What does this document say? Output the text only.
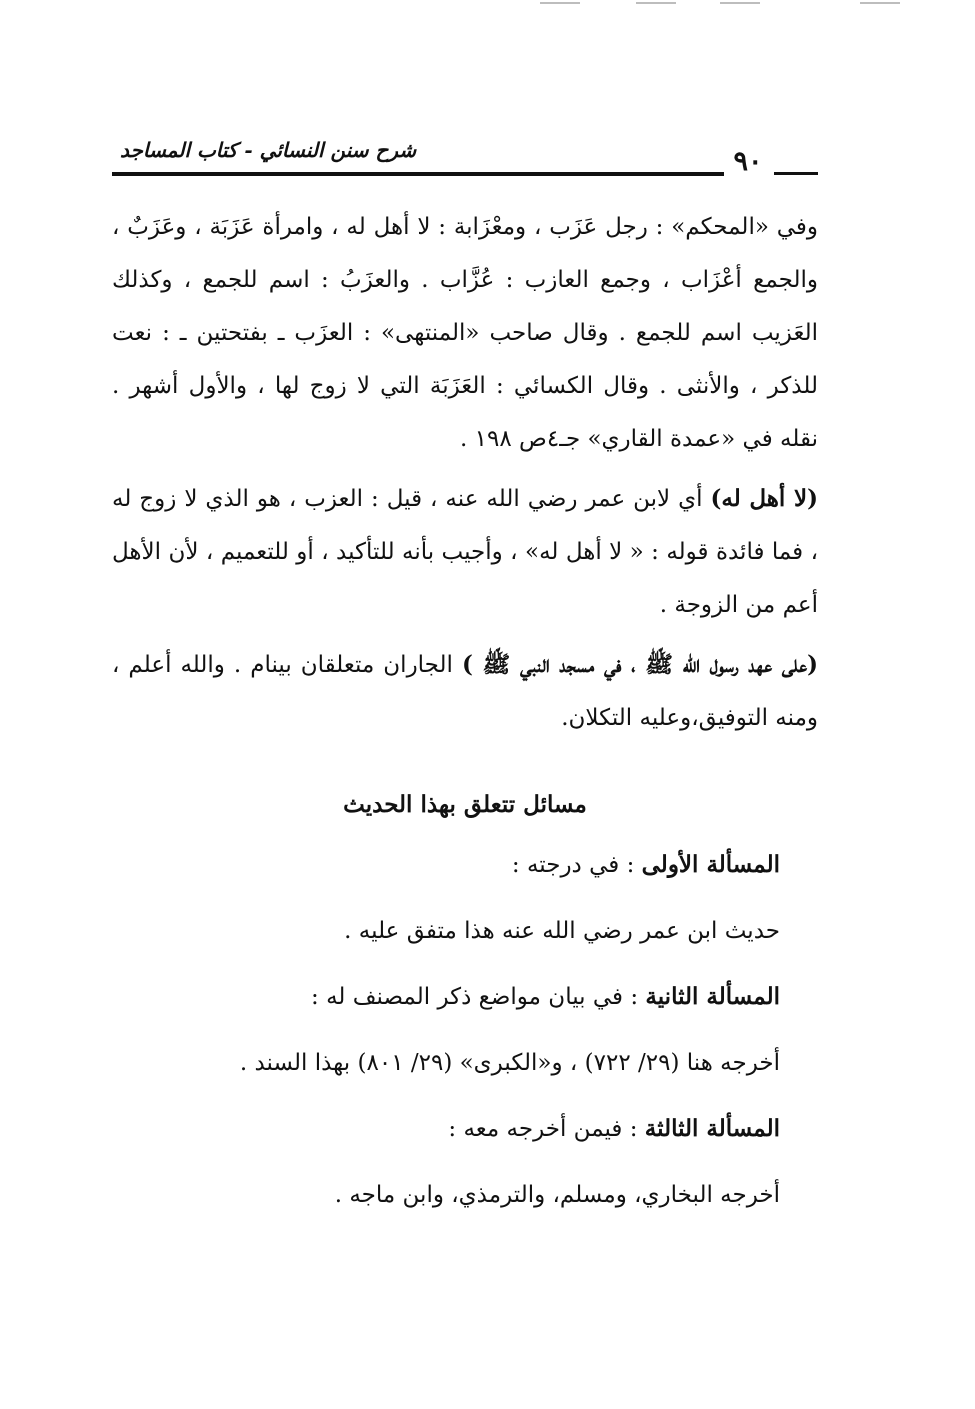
٩٠
شرح سنن النسائي - كتاب المساجد

وفي «المحكم» : رجل عَزَب ، ومعْزَابة : لا أهل له ، وامرأة عَزَبَة ، وعَزَبٌ ، والجمع أعْزَاب ، وجمع العازب : عُزَّاب . والعزَبُ : اسم للجمع ، وكذلك العَزيب اسم للجمع . وقال صاحب «المنتهى» : العزَب ـ بفتحتين ـ : نعت للذكر ، والأنثى . وقال الكسائي : العَزَبَة التي لا زوج لها ، والأول أشهر . نقله في «عمدة القاري» جـ٤ص ١٩٨ .

(لا أهل له) أي لابن عمر رضي الله عنه ، قيل : العزب ، هو الذي لا زوج له ، فما فائدة قوله : « لا أهل له» ، وأجيب بأنه للتأكيد ، أو للتعميم ، لأن الأهل أعم من الزوجة .

(على عهد رسول الله ﷺ ، في مسجد النبي ﷺ ) الجاران متعلقان بينام . والله أعلم ، ومنه التوفيق،وعليه التكلان.

مسائل تتعلق بهذا الحديث
المسألة الأولى : في درجته :
حديث ابن عمر رضي الله عنه هذا متفق عليه .
المسألة الثانية : في بيان مواضع ذكر المصنف له :
أخرجه هنا (٢٩/ ٧٢٢) ، و«الكبرى» (٢٩/ ٨٠١) بهذا السند .
المسألة الثالثة : فيمن أخرجه معه :
أخرجه البخاري، ومسلم، والترمذي، وابن ماجه .
